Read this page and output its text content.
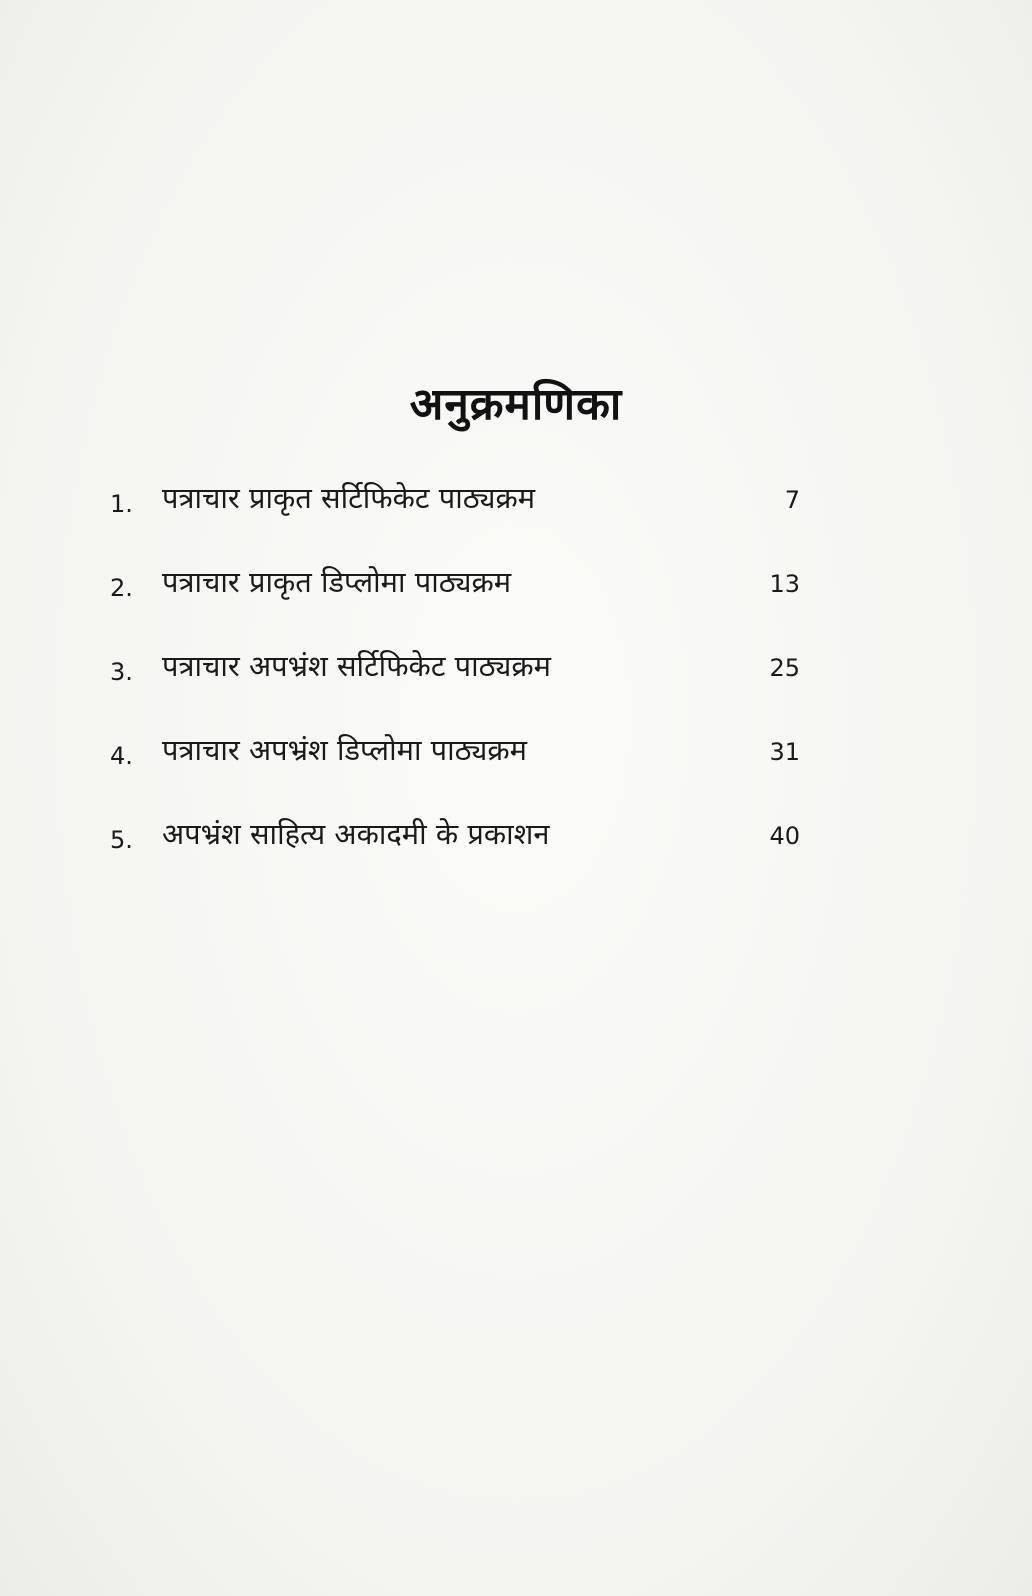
अनुक्रमणिका
1.	पत्राचार प्राकृत सर्टिफिकेट पाठ्यक्रम	7
2.	पत्राचार प्राकृत डिप्लोमा पाठ्यक्रम	13
3.	पत्राचार अपभ्रंश सर्टिफिकेट पाठ्यक्रम	25
4.	पत्राचार अपभ्रंश डिप्लोमा पाठ्यक्रम	31
5.	अपभ्रंश साहित्य अकादमी के प्रकाशन	40
